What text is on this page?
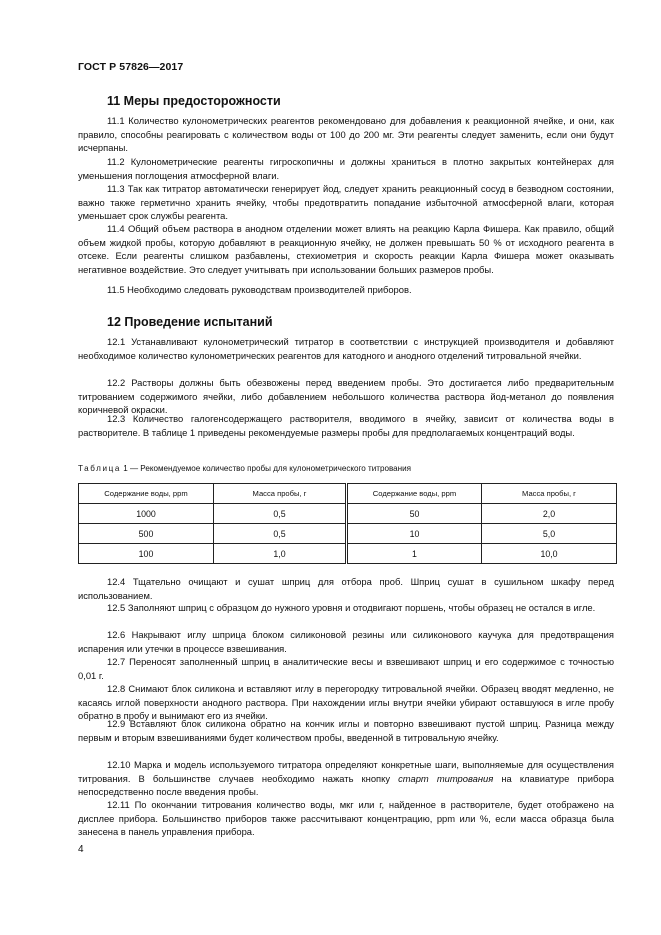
ГОСТ Р 57826—2017
11 Меры предосторожности

11.1 Количество кулонометрических реагентов рекомендовано для добавления к реакционной ячейке, и они, как правило, способны реагировать с количеством воды от 100 до 200 мг. Эти реагенты следует заменить, если они будут исчерпаны.

11.2 Кулонометрические реагенты гигроскопичны и должны храниться в плотно закрытых контейнерах для уменьшения поглощения атмосферной влаги.

11.3 Так как титратор автоматически генерирует йод, следует хранить реакционный сосуд в безводном состоянии, важно также герметично хранить ячейку, чтобы предотвратить попадание избыточной атмосферной влаги, которая уменьшает срок службы реагента.

11.4 Общий объем раствора в анодном отделении может влиять на реакцию Карла Фишера. Как правило, общий объем жидкой пробы, которую добавляют в реакционную ячейку, не должен превышать 50 % от исходного реагента в отсеке. Если реагенты слишком разбавлены, стехиометрия и скорость реакции Карла Фишера может оказывать негативное воздействие. Это следует учитывать при использовании больших размеров пробы.

11.5 Необходимо следовать руководствам производителей приборов.

12 Проведение испытаний

12.1 Устанавливают кулонометрический титратор в соответствии с инструкцией производителя и добавляют необходимое количество кулонометрических реагентов для катодного и анодного отделений титровальной ячейки.

12.2 Растворы должны быть обезвожены перед введением пробы. Это достигается либо предварительным титрованием содержимого ячейки, либо добавлением небольшого количества раствора йод-метанол до появления коричневой окраски.

12.3 Количество галогенсодержащего растворителя, вводимого в ячейку, зависит от количества воды в растворителе. В таблице 1 приведены рекомендуемые размеры пробы для предполагаемых концентраций воды.

Таблица 1 — Рекомендуемое количество пробы для кулонометрического титрования
Содержание воды, ppm	Масса пробы, г	Содержание воды, ppm	Масса пробы, г
1000	0,5	50	2,0
500	0,5	10	5,0
100	1,0	1	10,0

12.4 Тщательно очищают и сушат шприц для отбора проб. Шприц сушат в сушильном шкафу перед использованием.

12.5 Заполняют шприц с образцом до нужного уровня и отодвигают поршень, чтобы образец не остался в игле.

12.6 Накрывают иглу шприца блоком силиконовой резины или силиконового каучука для предотвращения испарения или утечки в процессе взвешивания.

12.7 Переносят заполненный шприц в аналитические весы и взвешивают шприц и его содержимое с точностью 0,01 г.

12.8 Снимают блок силикона и вставляют иглу в перегородку титровальной ячейки. Образец вводят медленно, не касаясь иглой поверхности анодного раствора. При нахождении иглы внутри ячейки убирают оставшуюся в игле пробу обратно в пробу и вынимают его из ячейки.

12.9 Вставляют блок силикона обратно на кончик иглы и повторно взвешивают пустой шприц. Разница между первым и вторым взвешиваниями будет количеством пробы, введенной в титровальную ячейку.

12.10 Марка и модель используемого титратора определяют конкретные шаги, выполняемые для осуществления титрования. В большинстве случаев необходимо нажать кнопку старт титрования на клавиатуре прибора непосредственно после введения пробы.

12.11 По окончании титрования количество воды, мкг или г, найденное в растворителе, будет отображено на дисплее прибора. Большинство приборов также рассчитывают концентрацию, ppm или %, если масса образца была занесена в панель управления прибора.

4
